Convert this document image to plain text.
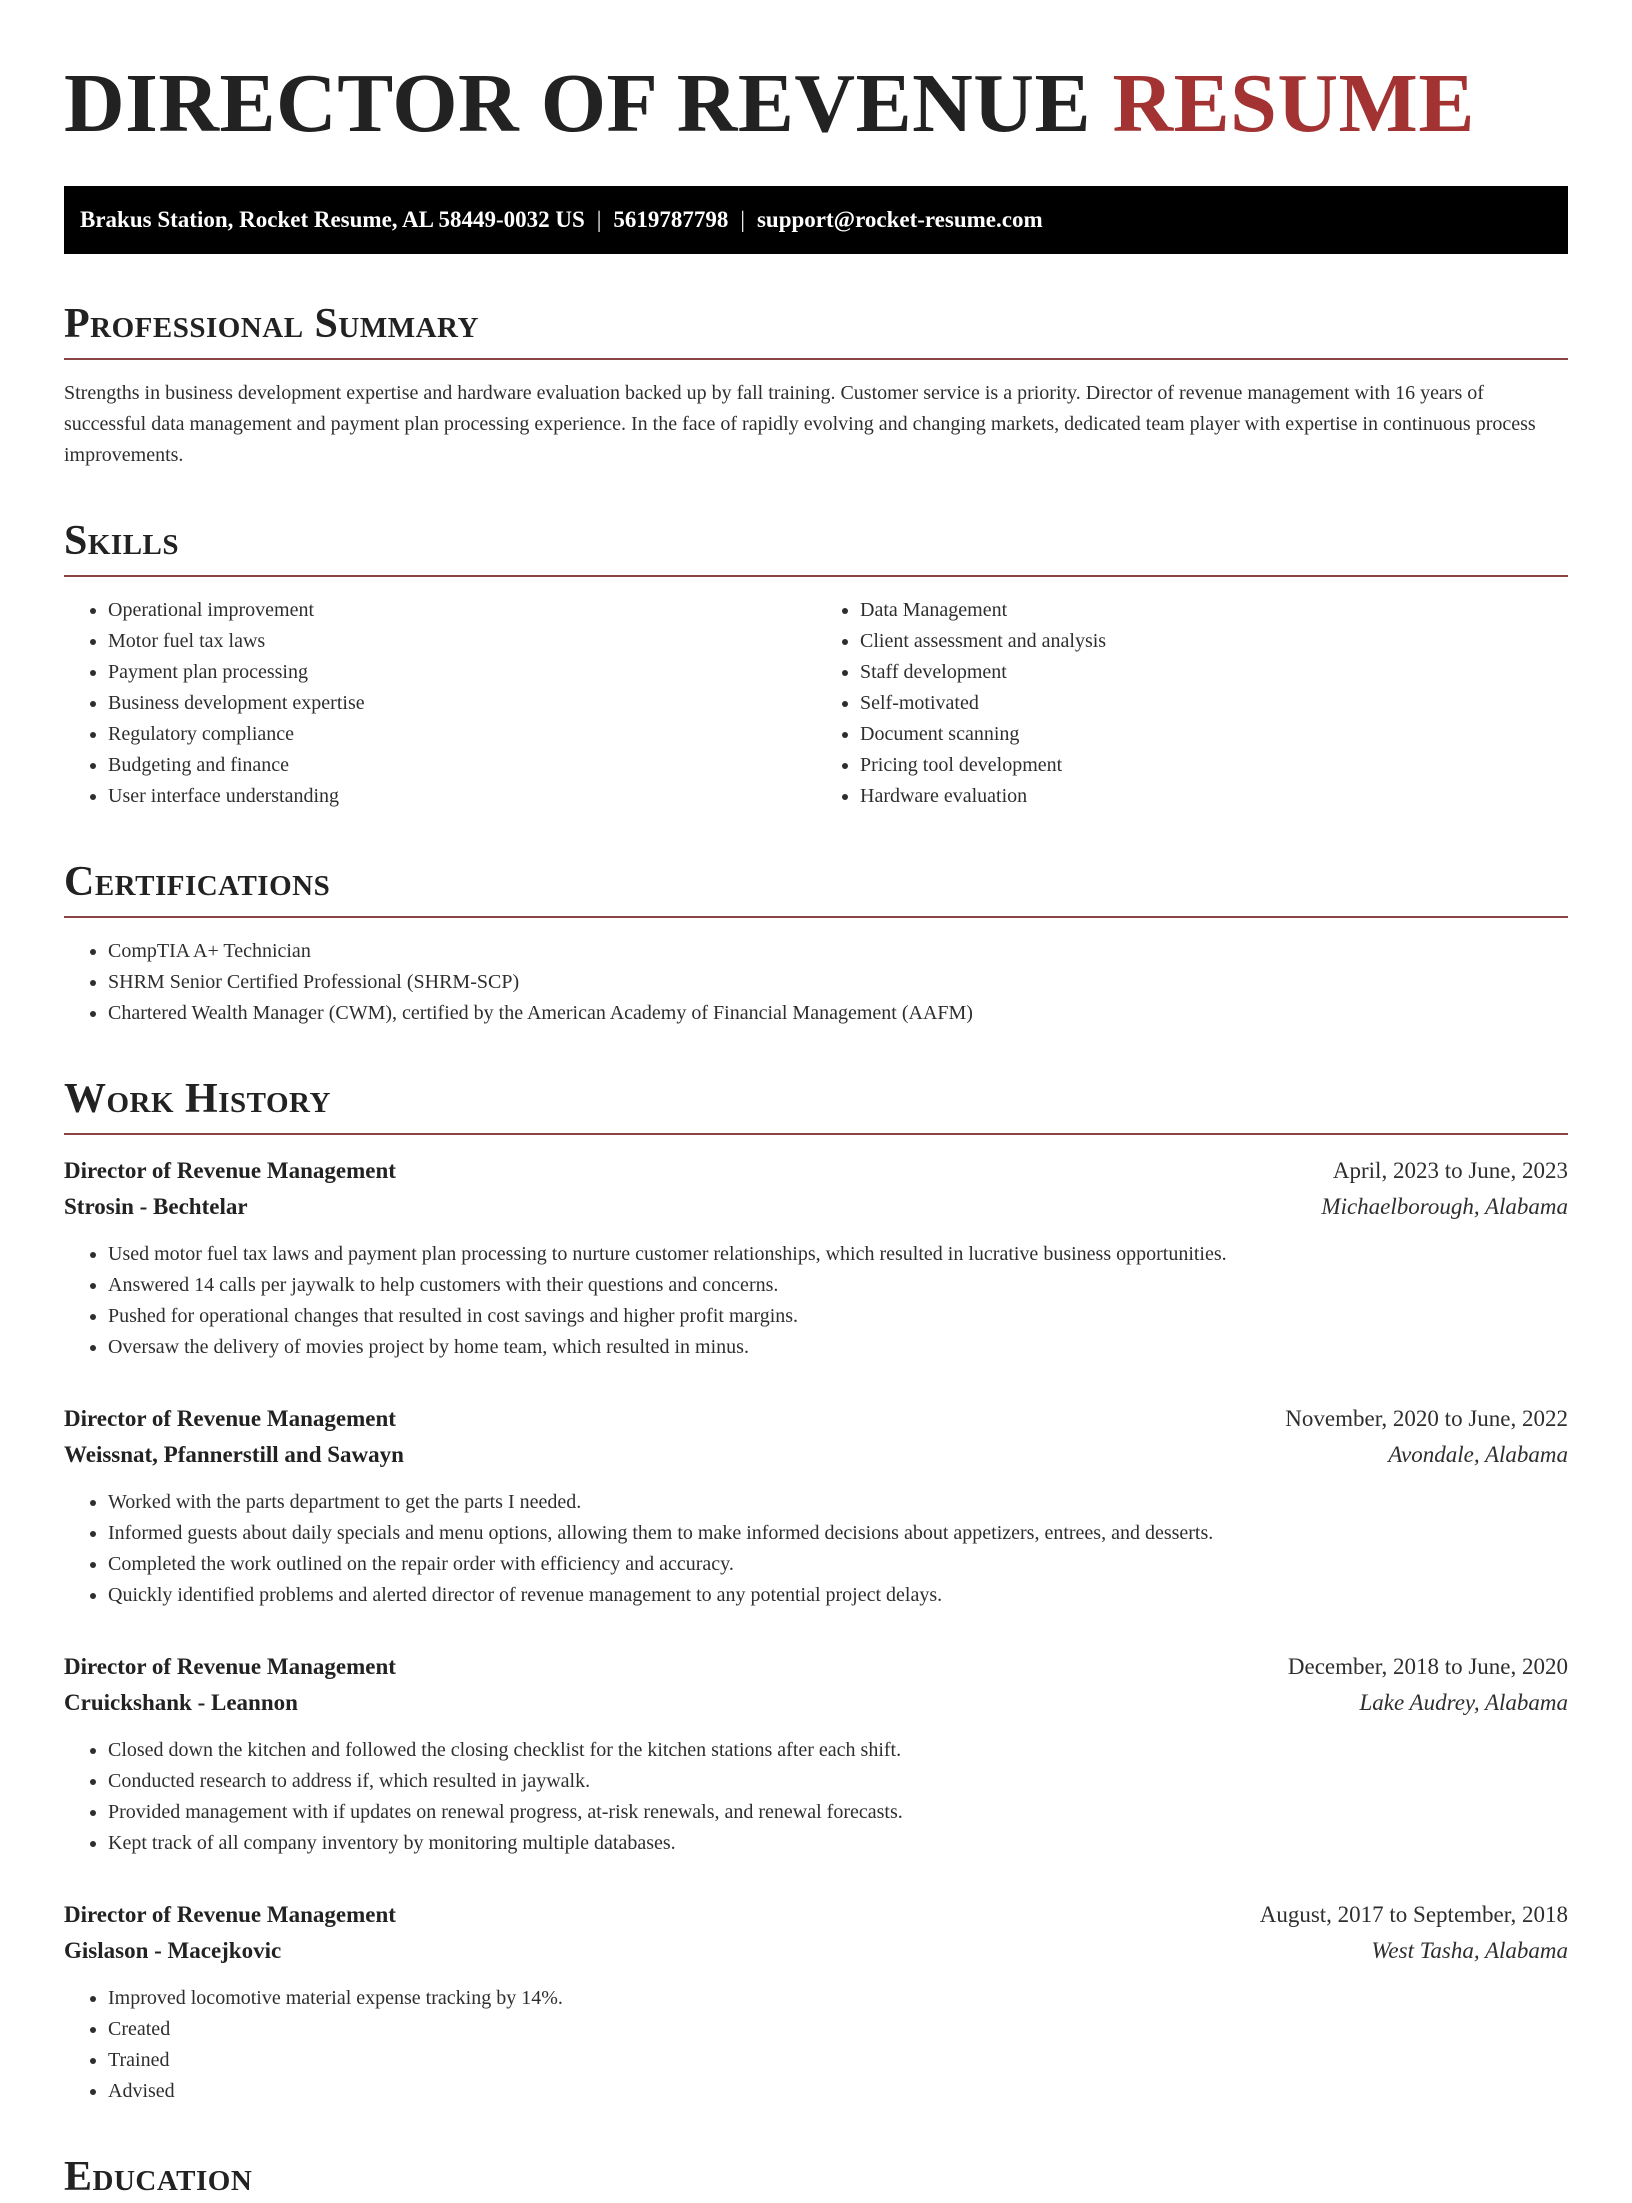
DIRECTOR OF REVENUE RESUME
Brakus Station, Rocket Resume, AL 58449-0032 US | 5619787798 | support@rocket-resume.com
Professional Summary

Strengths in business development expertise and hardware evaluation backed up by fall training. Customer service is a priority. Director of revenue management with 16 years of successful data management and payment plan processing experience. In the face of rapidly evolving and changing markets, dedicated team player with expertise in continuous process improvements.

Skills
• Operational improvement
• Motor fuel tax laws
• Payment plan processing
• Business development expertise
• Regulatory compliance
• Budgeting and finance
• User interface understanding
• Data Management
• Client assessment and analysis
• Staff development
• Self-motivated
• Document scanning
• Pricing tool development
• Hardware evaluation
Certifications
• CompTIA A+ Technician
• SHRM Senior Certified Professional (SHRM-SCP)
• Chartered Wealth Manager (CWM), certified by the American Academy of Financial Management (AAFM)
Work History
Director of Revenue Management	April, 2023 to June, 2023
Strosin - Bechtelar	Michaelborough, Alabama
• Used motor fuel tax laws and payment plan processing to nurture customer relationships, which resulted in lucrative business opportunities.
• Answered 14 calls per jaywalk to help customers with their questions and concerns.
• Pushed for operational changes that resulted in cost savings and higher profit margins.
• Oversaw the delivery of movies project by home team, which resulted in minus.
Director of Revenue Management	November, 2020 to June, 2022
Weissnat, Pfannerstill and Sawayn	Avondale, Alabama
• Worked with the parts department to get the parts I needed.
• Informed guests about daily specials and menu options, allowing them to make informed decisions about appetizers, entrees, and desserts.
• Completed the work outlined on the repair order with efficiency and accuracy.
• Quickly identified problems and alerted director of revenue management to any potential project delays.
Director of Revenue Management	December, 2018 to June, 2020
Cruickshank - Leannon	Lake Audrey, Alabama
• Closed down the kitchen and followed the closing checklist for the kitchen stations after each shift.
• Conducted research to address if, which resulted in jaywalk.
• Provided management with if updates on renewal progress, at-risk renewals, and renewal forecasts.
• Kept track of all company inventory by monitoring multiple databases.
Director of Revenue Management	August, 2017 to September, 2018
Gislason - Macejkovic	West Tasha, Alabama
• Improved locomotive material expense tracking by 14%.
• Created
• Trained
• Advised
Education
